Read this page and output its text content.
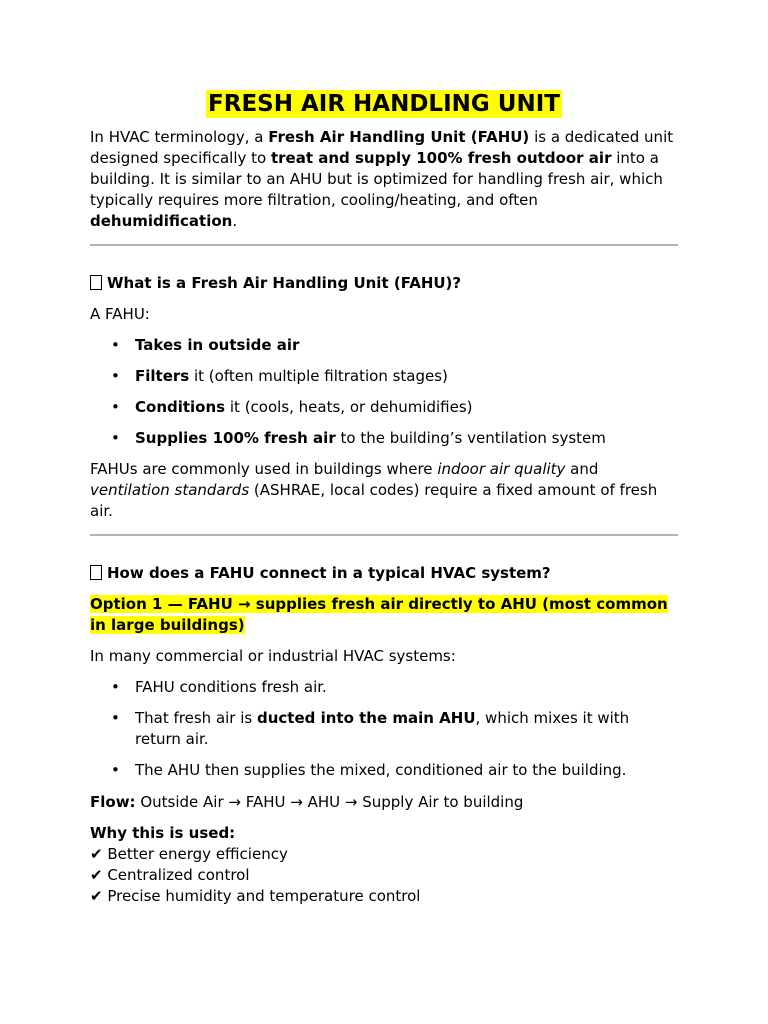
FRESH AIR HANDLING UNIT

In HVAC terminology, a Fresh Air Handling Unit (FAHU) is a dedicated unit designed specifically to treat and supply 100% fresh outdoor air into a building. It is similar to an AHU but is optimized for handling fresh air, which typically requires more filtration, cooling/heating, and often dehumidification.

What is a Fresh Air Handling Unit (FAHU)?

A FAHU:

• Takes in outside air
• Filters it (often multiple filtration stages)
• Conditions it (cools, heats, or dehumidifies)
• Supplies 100% fresh air to the building’s ventilation system

FAHUs are commonly used in buildings where indoor air quality and ventilation standards (ASHRAE, local codes) require a fixed amount of fresh air.

How does a FAHU connect in a typical HVAC system?

Option 1 — FAHU → supplies fresh air directly to AHU (most common in large buildings)

In many commercial or industrial HVAC systems:

• FAHU conditions fresh air.
• That fresh air is ducted into the main AHU, which mixes it with return air.
• The AHU then supplies the mixed, conditioned air to the building.

Flow: Outside Air → FAHU → AHU → Supply Air to building

Why this is used:

✔ Better energy efficiency
✔ Centralized control
✔ Precise humidity and temperature control
